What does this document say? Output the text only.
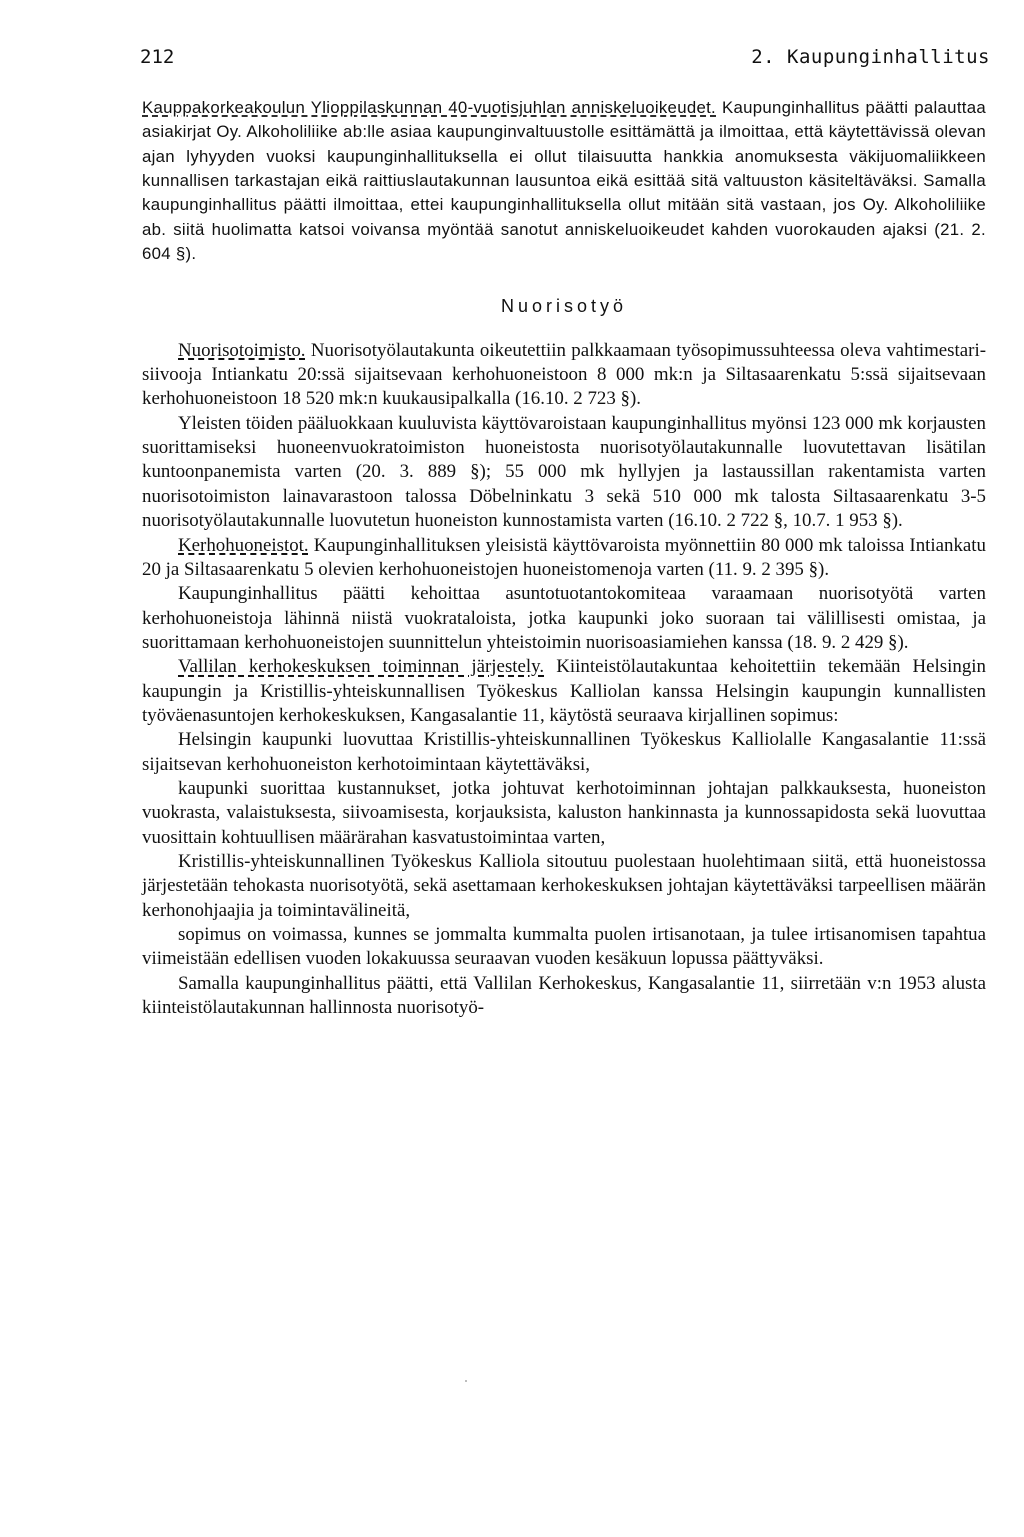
212	2. Kaupunginhallitus

Kauppakorkeakoulun Ylioppilaskunnan 40-vuotisjuhlan anniskeluoikeudet. Kaupunginhallitus päätti palauttaa asiakirjat Oy. Alkoholiliike ab:lle asiaa kaupunginvaltuustolle esittämättä ja ilmoittaa, että käytettävissä olevan ajan lyhyyden vuoksi kaupunginhallituksella ei ollut tilaisuutta hankkia anomuksesta väkijuomaliikkeen kunnallisen tarkastajan eikä raittiuslautakunnan lausuntoa eikä esittää sitä valtuuston käsiteltäväksi. Samalla kaupunginhallitus päätti ilmoittaa, ettei kaupunginhallituksella ollut mitään sitä vastaan, jos Oy. Alkoholiliike ab. siitä huolimatta katsoi voivansa myöntää sanotut anniskeluoikeudet kahden vuorokauden ajaksi (21. 2. 604 §).

Nuorisotyö

Nuorisotoimisto. Nuorisotyölautakunta oikeutettiin palkkaamaan työsopimussuhteessa oleva vahtimestari-siivooja Intiankatu 20:ssä sijaitsevaan kerhohuoneistoon 8 000 mk:n ja Siltasaarenkatu 5:ssä sijaitsevaan kerhohuoneistoon 18 520 mk:n kuukausipalkalla (16.10. 2 723 §).

Yleisten töiden pääluokkaan kuuluvista käyttövaroistaan kaupunginhallitus myönsi 123 000 mk korjausten suorittamiseksi huoneenvuokratoimiston huoneistosta nuorisotyölautakunnalle luovutettavan lisätilan kuntoonpanemista varten (20. 3. 889 §); 55 000 mk hyllyjen ja lastaussillan rakentamista varten nuorisotoimiston lainavarastoon talossa Döbelninkatu 3 sekä 510 000 mk talosta Siltasaarenkatu 3-5 nuorisotyölautakunnalle luovutetun huoneiston kunnostamista varten (16.10. 2 722 §, 10.7. 1 953 §).

Kerhohuoneistot. Kaupunginhallituksen yleisistä käyttövaroista myönnettiin 80 000 mk taloissa Intiankatu 20 ja Siltasaarenkatu 5 olevien kerhohuoneistojen huoneistomenoja varten (11. 9. 2 395 §).

Kaupunginhallitus päätti kehoittaa asuntotuotantokomiteaa varaamaan nuorisotyötä varten kerhohuoneistoja lähinnä niistä vuokrataloista, jotka kaupunki joko suoraan tai välillisesti omistaa, ja suorittamaan kerhohuoneistojen suunnittelun yhteistoimin nuorisoasiamiehen kanssa (18. 9. 2 429 §).

Vallilan kerhokeskuksen toiminnan järjestely. Kiinteistölautakuntaa kehoitettiin tekemään Helsingin kaupungin ja Kristillis-yhteiskunnallisen Työkeskus Kalliolan kanssa Helsingin kaupungin kunnallisten työväenasuntojen kerhokeskuksen, Kangasalantie 11, käytöstä seuraava kirjallinen sopimus:

Helsingin kaupunki luovuttaa Kristillis-yhteiskunnallinen Työkeskus Kalliolalle Kangasalantie 11:ssä sijaitsevan kerhohuoneiston kerhotoimintaan käytettäväksi,

kaupunki suorittaa kustannukset, jotka johtuvat kerhotoiminnan johtajan palkkauksesta, huoneiston vuokrasta, valaistuksesta, siivoamisesta, korjauksista, kaluston hankinnasta ja kunnossapidosta sekä luovuttaa vuosittain kohtuullisen määrärahan kasvatustoimintaa varten,

Kristillis-yhteiskunnallinen Työkeskus Kalliola sitoutuu puolestaan huolehtimaan siitä, että huoneistossa järjestetään tehokasta nuorisotyötä, sekä asettamaan kerhokeskuksen johtajan käytettäväksi tarpeellisen määrän kerhonohjaajia ja toimintavälineitä,

sopimus on voimassa, kunnes se jommalta kummalta puolen irtisanotaan, ja tulee irtisanomisen tapahtua viimeistään edellisen vuoden lokakuussa seuraavan vuoden kesäkuun lopussa päättyväksi.

Samalla kaupunginhallitus päätti, että Vallilan Kerhokeskus, Kangasalantie 11, siirretään v:n 1953 alusta kiinteistölautakunnan hallinnosta nuorisotyö-
